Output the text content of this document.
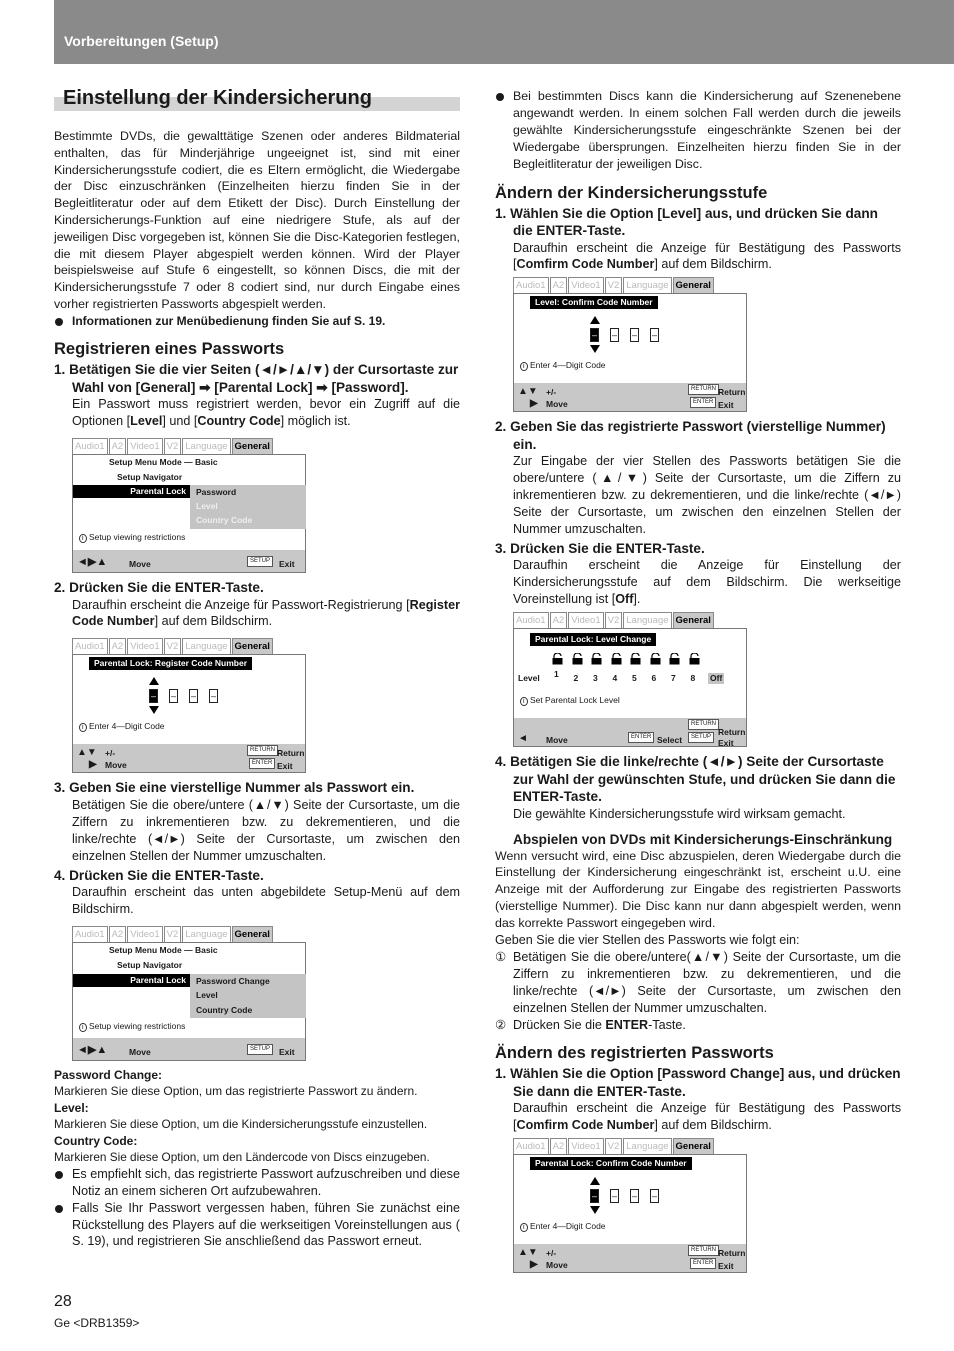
Vorbereitungen (Setup)
Einstellung der Kindersicherung

Bestimmte DVDs, die gewalttätige Szenen oder anderes Bildmaterial enthalten, das für Minderjährige ungeeignet ist, sind mit einer Kindersicherungsstufe codiert, die es Eltern ermöglicht, die Wiedergabe der Disc einzuschränken (Einzelheiten hierzu finden Sie in der Begleitliteratur oder auf dem Etikett der Disc). Durch Einstellung der Kindersicherungs-Funktion auf eine niedrigere Stufe, als auf der jeweiligen Disc vorgegeben ist, können Sie die Disc-Kategorien festlegen, die mit diesem Player abgespielt werden können. Wird der Player beispielsweise auf Stufe 6 eingestellt, so können Discs, die mit der Kindersicherungsstufe 7 oder 8 codiert sind, nur durch Eingabe eines vorher registrierten Passworts abgespielt werden.

Informationen zur Menübedienung finden Sie auf S. 19.

Registrieren eines Passworts

1. Betätigen Sie die vier Seiten (◄/►/▲/▼) der Cursortaste zur Wahl von [General] ➡ [Parental Lock] ➡ [Password].

Ein Passwort muss registriert werden, bevor ein Zugriff auf die Optionen [Level] und [Country Code] möglich ist.

Audio1 A2 Video1 V2 Language General
Setup Menu Mode — Basic
Setup Navigator
Parental Lock	Password
Level
Country Code
i Setup viewing restrictions
◄▶▲	Move	SETUP	Exit

2. Drücken Sie die ENTER-Taste.

Daraufhin erscheint die Anzeige für Passwort-Registrierung [Register Code Number] auf dem Bildschirm.

Audio1 A2 Video1 V2 Language General
Parental Lock: Register Code Number
– – – –
i Enter 4—Digit Code
▲▼ +/-
▶ Move
RETURN Return
ENTER Exit

3. Geben Sie eine vierstellige Nummer als Passwort ein.

Betätigen Sie die obere/untere (▲/▼) Seite der Cursortaste, um die Ziffern zu inkrementieren bzw. zu dekrementieren, und die linke/rechte (◄/►) Seite der Cursortaste, um zwischen den einzelnen Stellen der Nummer umzuschalten.

4. Drücken Sie die ENTER-Taste.

Daraufhin erscheint das unten abgebildete Setup-Menü auf dem Bildschirm.

Audio1 A2 Video1 V2 Language General
Setup Menu Mode — Basic
Setup Navigator
Parental Lock	Password Change
Level
Country Code
i Setup viewing restrictions
◄▶▲	Move	SETUP	Exit

Password Change:

Markieren Sie diese Option, um das registrierte Passwort zu ändern.

Level:

Markieren Sie diese Option, um die Kindersicherungsstufe einzustellen.

Country Code:

Markieren Sie diese Option, um den Ländercode von Discs einzugeben.

Es empfiehlt sich, das registrierte Passwort aufzuschreiben und diese Notiz an einem sicheren Ort aufzubewahren.

Falls Sie Ihr Passwort vergessen haben, führen Sie zunächst eine Rückstellung des Players auf die werkseitigen Voreinstellungen aus ( S. 19), und registrieren Sie anschließend das Passwort erneut.

Bei bestimmten Discs kann die Kindersicherung auf Szenenebene angewandt werden. In einem solchen Fall werden durch die jeweils gewählte Kindersicherungsstufe eingeschränkte Szenen bei der Wiedergabe übersprungen. Einzelheiten hierzu finden Sie in der Begleitliteratur der jeweiligen Disc.

Ändern der Kindersicherungsstufe

1. Wählen Sie die Option [Level] aus, und drücken Sie dann die ENTER-Taste.

Daraufhin erscheint die Anzeige für Bestätigung des Passworts [Comfirm Code Number] auf dem Bildschirm.

Audio1 A2 Video1 V2 Language General
Level: Confirm Code Number
– – – –
i Enter 4—Digit Code
▲▼ +/-
▶ Move
RETURN Return
ENTER Exit

2. Geben Sie das registrierte Passwort (vierstellige Nummer) ein.

Zur Eingabe der vier Stellen des Passworts betätigen Sie die obere/untere (▲/▼) Seite der Cursortaste, um die Ziffern zu inkrementieren bzw. zu dekrementieren, und die linke/rechte (◄/►) Seite der Cursortaste, um zwischen den einzelnen Stellen der Nummer umzuschalten.

3. Drücken Sie die ENTER-Taste.

Daraufhin erscheint die Anzeige für Einstellung der Kindersicherungsstufe auf dem Bildschirm. Die werkseitige Voreinstellung ist [Off].

Audio1 A2 Video1 V2 Language General
Parental Lock: Level Change
1 2 3 4 5 6 7 8 Off
Level
i Set Parental Lock Level
◄ Move	ENTER Select
RETURN
Return
SETUP
Exit

4. Betätigen Sie die linke/rechte (◄/►) Seite der Cursortaste zur Wahl der gewünschten Stufe, und drücken Sie dann die ENTER-Taste.

Die gewählte Kindersicherungsstufe wird wirksam gemacht.

Abspielen von DVDs mit Kindersicherungs-Einschränkung

Wenn versucht wird, eine Disc abzuspielen, deren Wiedergabe durch die Einstellung der Kindersicherung eingeschränkt ist, erscheint u.U. eine Anzeige mit der Aufforderung zur Eingabe des registrierten Passworts (vierstellige Nummer). Die Disc kann nur dann abgespielt werden, wenn das korrekte Passwort eingegeben wird.

Geben Sie die vier Stellen des Passworts wie folgt ein:

① Betätigen Sie die obere/untere(▲/▼) Seite der Cursortaste, um die Ziffern zu inkrementieren bzw. zu dekrementieren, und die linke/rechte (◄/►) Seite der Cursortaste, um zwischen den einzelnen Stellen der Nummer umzuschalten.

② Drücken Sie die ENTER-Taste.

Ändern des registrierten Passworts

1. Wählen Sie die Option [Password Change] aus, und drücken Sie dann die ENTER-Taste.

Daraufhin erscheint die Anzeige für Bestätigung des Passworts [Comfirm Code Number] auf dem Bildschirm.

Audio1 A2 Video1 V2 Language General
Parental Lock: Confirm Code Number
– – – –
i Enter 4—Digit Code
▲▼ +/-
▶ Move
RETURN Return
ENTER Exit
28
Ge <DRB1359>
